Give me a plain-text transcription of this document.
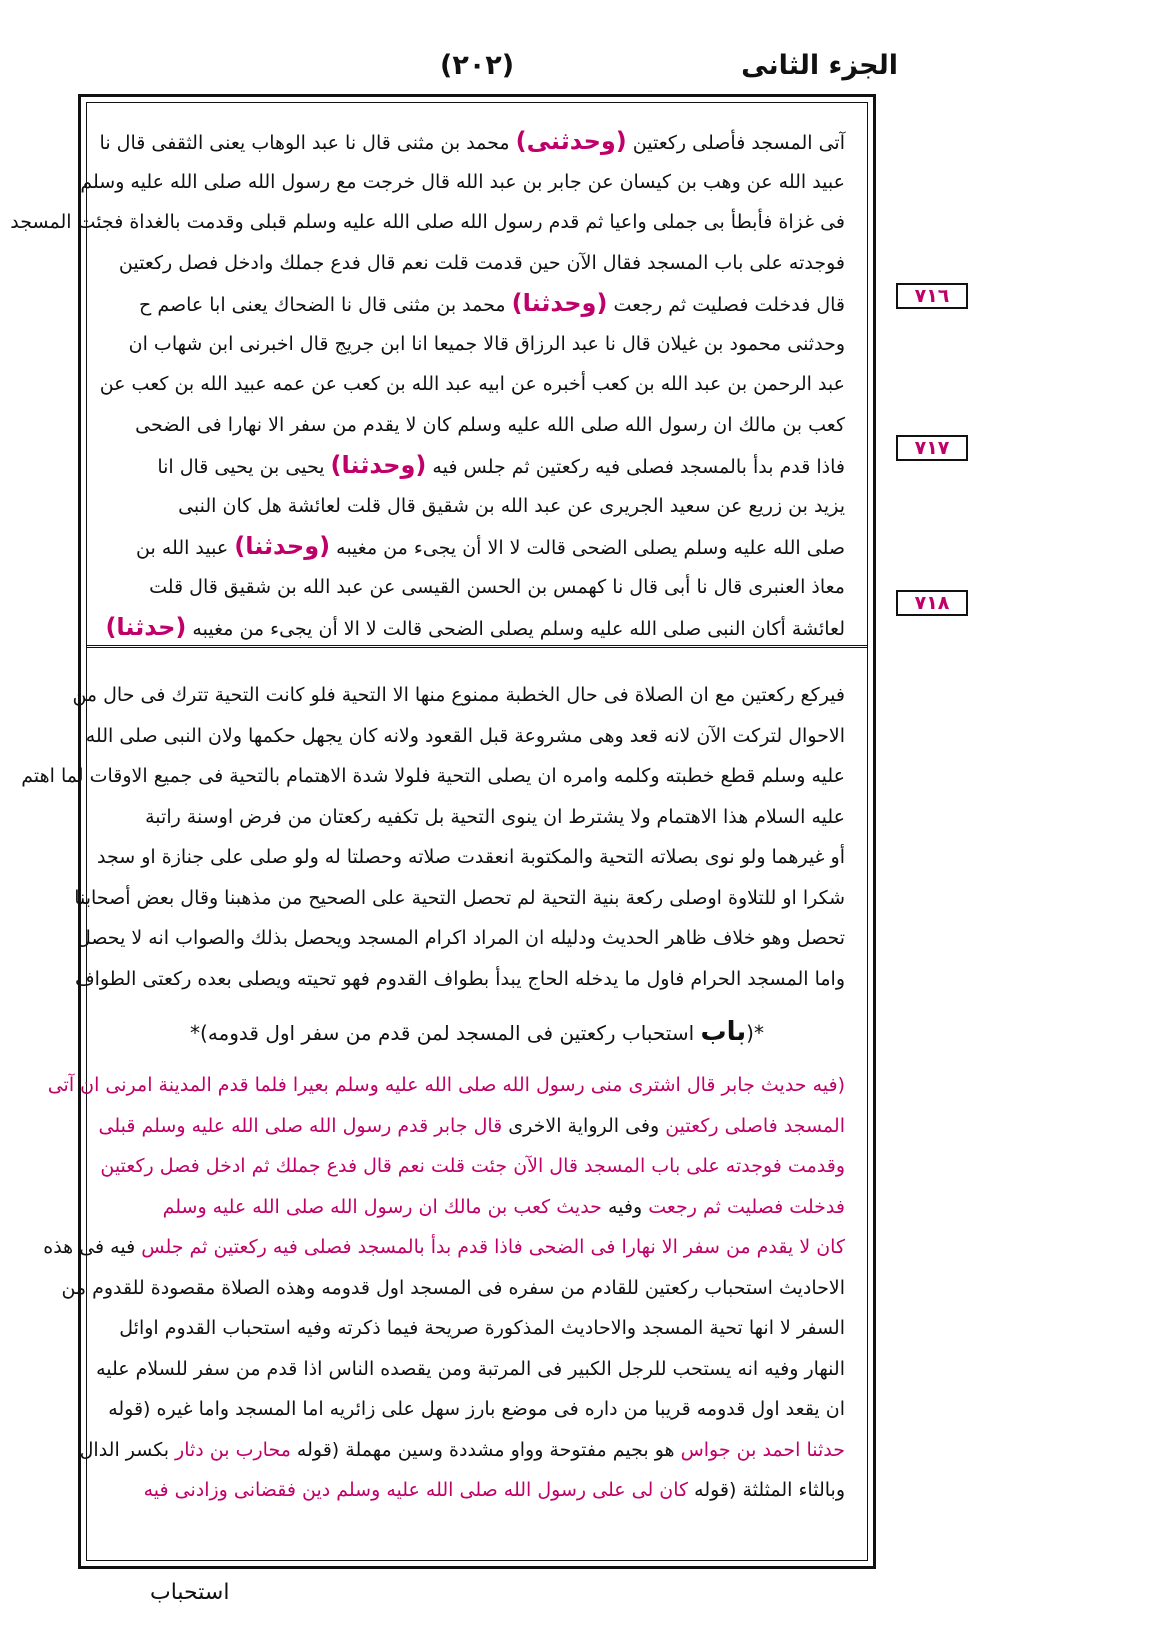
الجزء الثانى
(٢٠٢)
آتى المسجد فأصلى ركعتين (وحدثنى) محمد بن مثنى قال نا عبد الوهاب يعنى الثقفى قال نا
عبيد الله عن وهب بن كيسان عن جابر بن عبد الله قال خرجت مع رسول الله صلى الله عليه وسلم
فى غزاة فأبطأ بى جملى واعيا ثم قدم رسول الله صلى الله عليه وسلم قبلى وقدمت بالغداة فجئت المسجد
فوجدته على باب المسجد فقال الآن حين قدمت قلت نعم قال فدع جملك وادخل فصل ركعتين
قال فدخلت فصليت ثم رجعت (وحدثنا) محمد بن مثنى قال نا الضحاك يعنى ابا عاصم ح
وحدثنى محمود بن غيلان قال نا عبد الرزاق قالا جميعا انا ابن جريج قال اخبرنى ابن شهاب ان
عبد الرحمن بن عبد الله بن كعب أخبره عن ابيه عبد الله بن كعب عن عمه عبيد الله بن كعب عن
كعب بن مالك ان رسول الله صلى الله عليه وسلم كان لا يقدم من سفر الا نهارا فى الضحى
فاذا قدم بدأ بالمسجد فصلى فيه ركعتين ثم جلس فيه (وحدثنا) يحيى بن يحيى قال انا
يزيد بن زريع عن سعيد الجريرى عن عبد الله بن شقيق قال قلت لعائشة هل كان النبى
صلى الله عليه وسلم يصلى الضحى قالت لا الا أن يجىء من مغيبه (وحدثنا) عبيد الله بن
معاذ العنبرى قال نا أبى قال نا كهمس بن الحسن القيسى عن عبد الله بن شقيق قال قلت
لعائشة أكان النبى صلى الله عليه وسلم يصلى الضحى قالت لا الا أن يجىء من مغيبه (حدثنا)
فيركع ركعتين مع ان الصلاة فى حال الخطبة ممنوع منها الا التحية فلو كانت التحية تترك فى حال من
الاحوال لتركت الآن لانه قعد وهى مشروعة قبل القعود ولانه كان يجهل حكمها ولان النبى صلى الله
عليه وسلم قطع خطبته وكلمه وامره ان يصلى التحية فلولا شدة الاهتمام بالتحية فى جميع الاوقات لما اهتم
عليه السلام هذا الاهتمام ولا يشترط ان ينوى التحية بل تكفيه ركعتان من فرض اوسنة راتبة
أو غيرهما ولو نوى بصلاته التحية والمكتوبة انعقدت صلاته وحصلتا له ولو صلى على جنازة او سجد
شكرا او للتلاوة اوصلى ركعة بنية التحية لم تحصل التحية على الصحيح من مذهبنا وقال بعض أصحابنا
تحصل وهو خلاف ظاهر الحديث ودليله ان المراد اكرام المسجد ويحصل بذلك والصواب انه لا يحصل
واما المسجد الحرام فاول ما يدخله الحاج يبدأ بطواف القدوم فهو تحيته ويصلى بعده ركعتى الطواف
*(باب استحباب ركعتين فى المسجد لمن قدم من سفر اول قدومه)*
(فيه حديث جابر قال اشترى منى رسول الله صلى الله عليه وسلم بعيرا فلما قدم المدينة امرنى ان آتى
المسجد فاصلى ركعتين وفى الرواية الاخرى قال جابر قدم رسول الله صلى الله عليه وسلم قبلى
وقدمت فوجدته على باب المسجد قال الآن جئت قلت نعم قال فدع جملك ثم ادخل فصل ركعتين
فدخلت فصليت ثم رجعت وفيه حديث كعب بن مالك ان رسول الله صلى الله عليه وسلم
كان لا يقدم من سفر الا نهارا فى الضحى فاذا قدم بدأ بالمسجد فصلى فيه ركعتين ثم جلس فيه فى هذه
الاحاديث استحباب ركعتين للقادم من سفره فى المسجد اول قدومه وهذه الصلاة مقصودة للقدوم من
السفر لا انها تحية المسجد والاحاديث المذكورة صريحة فيما ذكرته وفيه استحباب القدوم اوائل
النهار وفيه انه يستحب للرجل الكبير فى المرتبة ومن يقصده الناس اذا قدم من سفر للسلام عليه
ان يقعد اول قدومه قريبا من داره فى موضع بارز سهل على زائريه اما المسجد واما غيره (قوله
حدثنا احمد بن جواس هو بجيم مفتوحة وواو مشددة وسين مهملة (قوله محارب بن دثار بكسر الدال
وبالثاء المثلثة (قوله كان لى على رسول الله صلى الله عليه وسلم دين فقضانى وزادنى فيه
٧١٦
٧١٧
٧١٨
استحباب
